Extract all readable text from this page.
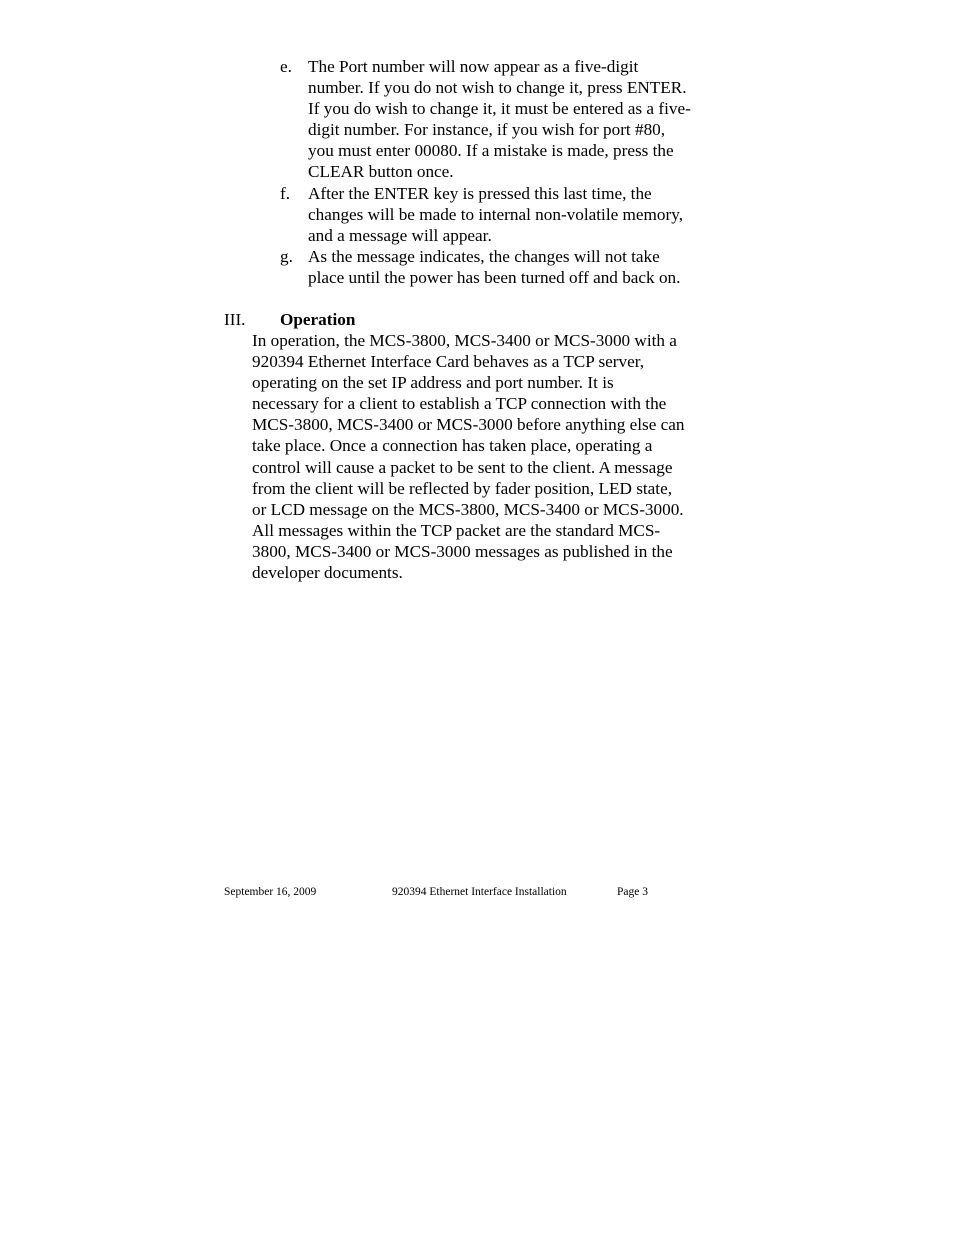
e. The Port number will now appear as a five-digit
number. If you do not wish to change it, press ENTER.
If you do wish to change it, it must be entered as a five-
digit number. For instance, if you wish for port #80,
you must enter 00080. If a mistake is made, press the
CLEAR button once.
f. After the ENTER key is pressed this last time, the
changes will be made to internal non-volatile memory,
and a message will appear.
g. As the message indicates, the changes will not take
place until the power has been turned off and back on.
III. Operation
In operation, the MCS-3800, MCS-3400 or MCS-3000 with a
920394 Ethernet Interface Card behaves as a TCP server,
operating on the set IP address and port number. It is
necessary for a client to establish a TCP connection with the
MCS-3800, MCS-3400 or MCS-3000 before anything else can
take place. Once a connection has taken place, operating a
control will cause a packet to be sent to the client. A message
from the client will be reflected by fader position, LED state,
or LCD message on the MCS-3800, MCS-3400 or MCS-3000.
All messages within the TCP packet are the standard MCS-
3800, MCS-3400 or MCS-3000 messages as published in the
developer documents.
September 16, 2009	920394 Ethernet Interface Installation	Page 3
